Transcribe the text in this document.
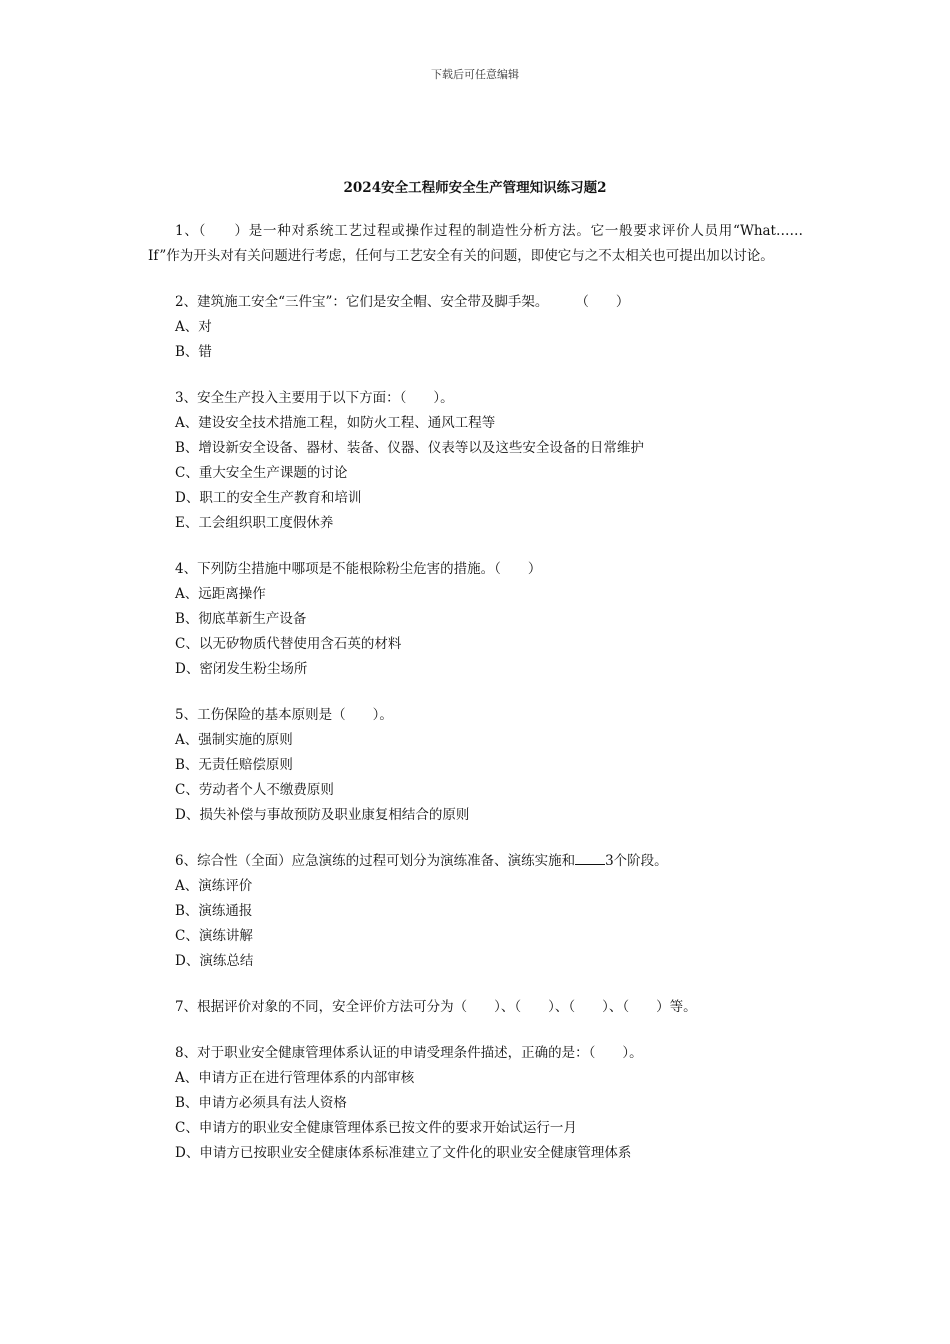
下载后可任意编辑
2024安全工程师安全生产管理知识练习题2

1、（　　）是一种对系统工艺过程或操作过程的制造性分析方法。它一般要求评价人员用“What……If”作为开头对有关问题进行考虑，任何与工艺安全有关的问题，即使它与之不太相关也可提出加以讨论。

2、建筑施工安全“三件宝”：它们是安全帽、安全带及脚手架。　　　（　　）

A、对

B、错

3、安全生产投入主要用于以下方面：（　　）。

A、建设安全技术措施工程，如防火工程、通风工程等

B、增设新安全设备、器材、装备、仪器、仪表等以及这些安全设备的日常维护

C、重大安全生产课题的讨论

D、职工的安全生产教育和培训

E、工会组织职工度假休养

4、下列防尘措施中哪项是不能根除粉尘危害的措施。（　　）

A、远距离操作

B、彻底革新生产设备

C、以无矽物质代替使用含石英的材料

D、密闭发生粉尘场所

5、工伤保险的基本原则是（　　）。

A、强制实施的原则

B、无责任赔偿原则

C、劳动者个人不缴费原则

D、损失补偿与事故预防及职业康复相结合的原则

6、综合性（全面）应急演练的过程可划分为演练准备、演练实施和 3个阶段。

A、演练评价

B、演练通报

C、演练讲解

D、演练总结

7、根据评价对象的不同，安全评价方法可分为（　　）、（　　）、（　　）、（　　）等。

8、对于职业安全健康管理体系认证的申请受理条件描述，正确的是：（　　）。

A、申请方正在进行管理体系的内部审核

B、申请方必须具有法人资格

C、申请方的职业安全健康管理体系已按文件的要求开始试运行一月

D、申请方已按职业安全健康体系标准建立了文件化的职业安全健康管理体系
